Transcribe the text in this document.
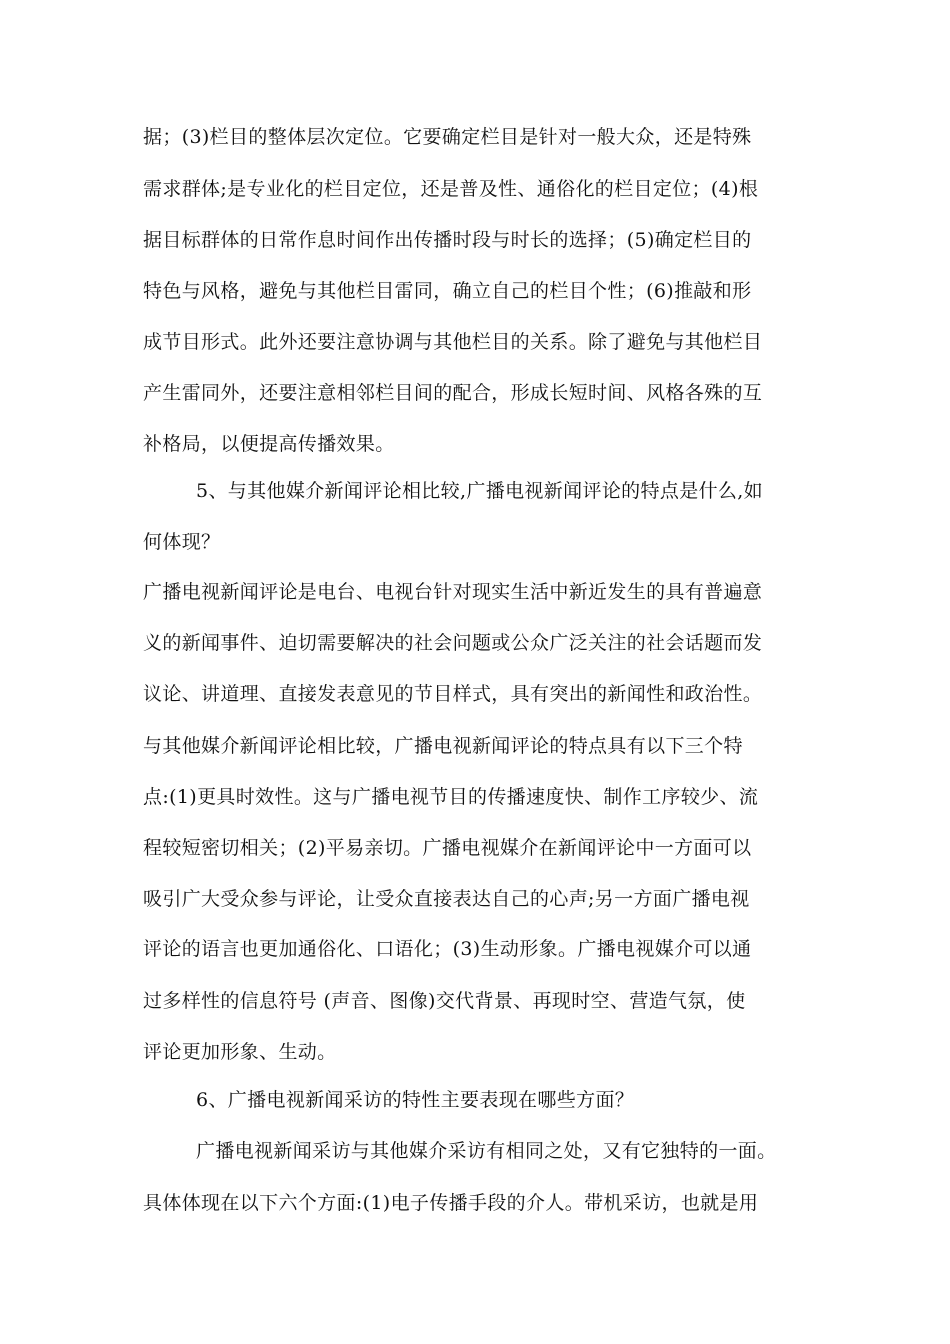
据；(3)栏目的整体层次定位。它要确定栏目是针对一般大众，还是特殊
需求群体;是专业化的栏目定位，还是普及性、通俗化的栏目定位；(4)根
据目标群体的日常作息时间作出传播时段与时长的选择；(5)确定栏目的
特色与风格，避免与其他栏目雷同，确立自己的栏目个性；(6)推敲和形
成节目形式。此外还要注意协调与其他栏目的关系。除了避免与其他栏目
产生雷同外，还要注意相邻栏目间的配合，形成长短时间、风格各殊的互
补格局，以便提高传播效果。
5、与其他媒介新闻评论相比较,广播电视新闻评论的特点是什么,如
何体现？
广播电视新闻评论是电台、电视台针对现实生活中新近发生的具有普遍意
义的新闻事件、迫切需要解决的社会问题或公众广泛关注的社会话题而发
议论、讲道理、直接发表意见的节目样式，具有突出的新闻性和政治性。
与其他媒介新闻评论相比较，广播电视新闻评论的特点具有以下三个特
点:(1)更具时效性。这与广播电视节目的传播速度快、制作工序较少、流
程较短密切相关；(2)平易亲切。广播电视媒介在新闻评论中一方面可以
吸引广大受众参与评论，让受众直接表达自己的心声;另一方面广播电视
评论的语言也更加通俗化、口语化；(3)生动形象。广播电视媒介可以通
过多样性的信息符号 (声音、图像)交代背景、再现时空、营造气氛，使
评论更加形象、生动。
6、广播电视新闻采访的特性主要表现在哪些方面？
广播电视新闻采访与其他媒介采访有相同之处，又有它独特的一面。
具体体现在以下六个方面:(1)电子传播手段的介人。带机采访，也就是用
